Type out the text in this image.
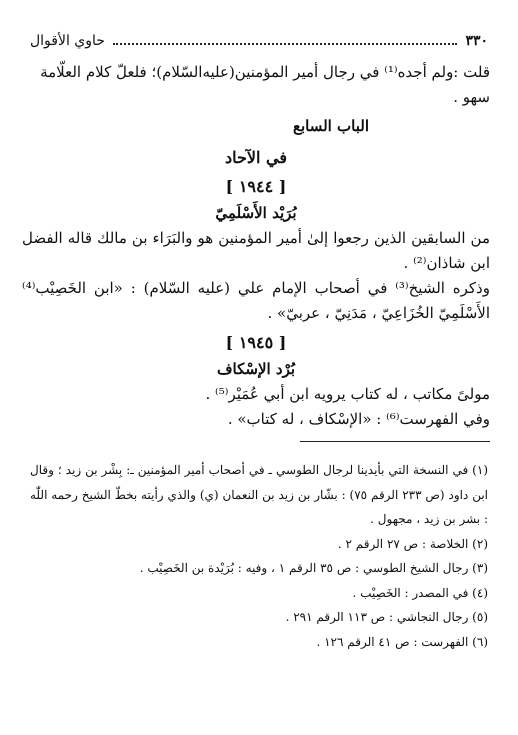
٣٣٠
حاوي الأقوال

قلت :ولم أجده⁽¹⁾ في رجال أمير المؤمنين(عليه‌السّلام)؛ فلعلّ كلام العلّامة

سهو .

الباب السابع
في الآحاد
[ ١٩٤٤ ]
بُرَيْد الأَسْلَمِيّ

من السابقين الذين رجعوا إلىٰ أمير المؤمنين هو والبَرَاء بن مالك قاله الفضل ابن شاذان⁽²⁾ .

وذكره الشيخ⁽³⁾ في أصحاب الإمام علي (عليه السّلام) : «ابن الخَصِيْب⁽⁴⁾ الأَسْلَمِيّ الخُزَاعِيّ ، مَدَنِيّ ، عربيّ» .

[ ١٩٤٥ ]
بُرْد الإسْكاف

مولىً مكاتب ، له كتاب يرويه ابن أبي عُمَيْر⁽⁵⁾ .

وفي الفهرست⁽⁶⁾ : «الإسْكاف ، له كتاب» .

(١) في النسخة التي بأيدينا لرجال الطوسي ـ في أصحاب أمير المؤمنين ـ: بِشْر بن زيد ؛ وقال ابن داود (ص ٢٣٣ الرقم ٧٥) : بشّار بن زيد بن النعمان (ي) والذي رأيته بخطّ الشيخ رحمه اللّٰه : بشر بن زيد ، مجهول .

(٢) الخلاصة : ص ٢٧ الرقم ٢ .

(٣) رجال الشيخ الطوسي : ص ٣٥ الرقم ١ ، وفيه : بُرَيْدة بن الخَصِيْب .

(٤) في المصدر : الخَصِيْب .

(٥) رجال النجاشي : ص ١١٣ الرقم ٢٩١ .

(٦) الفهرست : ص ٤١ الرقم ١٢٦ .
